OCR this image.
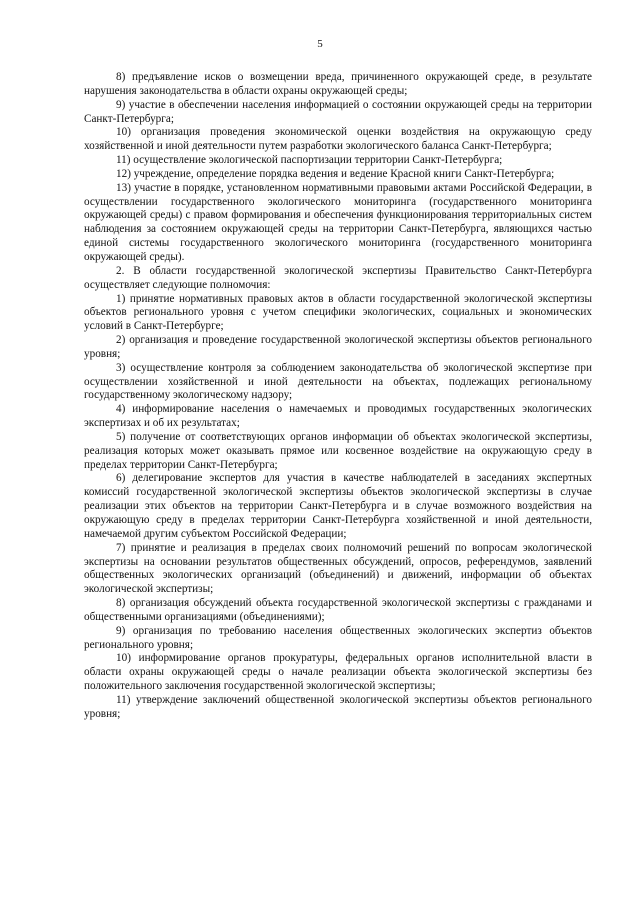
5

8) предъявление исков о возмещении вреда, причиненного окружающей среде, в результате нарушения законодательства в области охраны окружающей среды;

9) участие в обеспечении населения информацией о состоянии окружающей среды на территории Санкт-Петербурга;

10) организация проведения экономической оценки воздействия на окружающую среду хозяйственной и иной деятельности путем разработки экологического баланса Санкт-Петербурга;

11) осуществление экологической паспортизации территории Санкт-Петербурга;

12) учреждение, определение порядка ведения и ведение Красной книги Санкт-Петербурга;

13) участие в порядке, установленном нормативными правовыми актами Российской Федерации, в осуществлении государственного экологического мониторинга (государственного мониторинга окружающей среды) с правом формирования и обеспечения функционирования территориальных систем наблюдения за состоянием окружающей среды на территории Санкт-Петербурга, являющихся частью единой системы государственного экологического мониторинга (государственного мониторинга окружающей среды).

2. В области государственной экологической экспертизы Правительство Санкт-Петербурга осуществляет следующие полномочия:

1) принятие нормативных правовых актов в области государственной экологической экспертизы объектов регионального уровня с учетом специфики экологических, социальных и экономических условий в Санкт-Петербурге;

2) организация и проведение государственной экологической экспертизы объектов регионального уровня;

3) осуществление контроля за соблюдением законодательства об экологической экспертизе при осуществлении хозяйственной и иной деятельности на объектах, подлежащих региональному государственному экологическому надзору;

4) информирование населения о намечаемых и проводимых государственных экологических экспертизах и об их результатах;

5) получение от соответствующих органов информации об объектах экологической экспертизы, реализация которых может оказывать прямое или косвенное воздействие на окружающую среду в пределах территории Санкт-Петербурга;

6) делегирование экспертов для участия в качестве наблюдателей в заседаниях экспертных комиссий государственной экологической экспертизы объектов экологической экспертизы в случае реализации этих объектов на территории Санкт-Петербурга и в случае возможного воздействия на окружающую среду в пределах территории Санкт-Петербурга хозяйственной и иной деятельности, намечаемой другим субъектом Российской Федерации;

7) принятие и реализация в пределах своих полномочий решений по вопросам экологической экспертизы на основании результатов общественных обсуждений, опросов, референдумов, заявлений общественных экологических организаций (объединений) и движений, информации об объектах экологической экспертизы;

8) организация обсуждений объекта государственной экологической экспертизы с гражданами и общественными организациями (объединениями);

9) организация по требованию населения общественных экологических экспертиз объектов регионального уровня;

10) информирование органов прокуратуры, федеральных органов исполнительной власти в области охраны окружающей среды о начале реализации объекта экологической экспертизы без положительного заключения государственной экологической экспертизы;

11) утверждение заключений общественной экологической экспертизы объектов регионального уровня;
